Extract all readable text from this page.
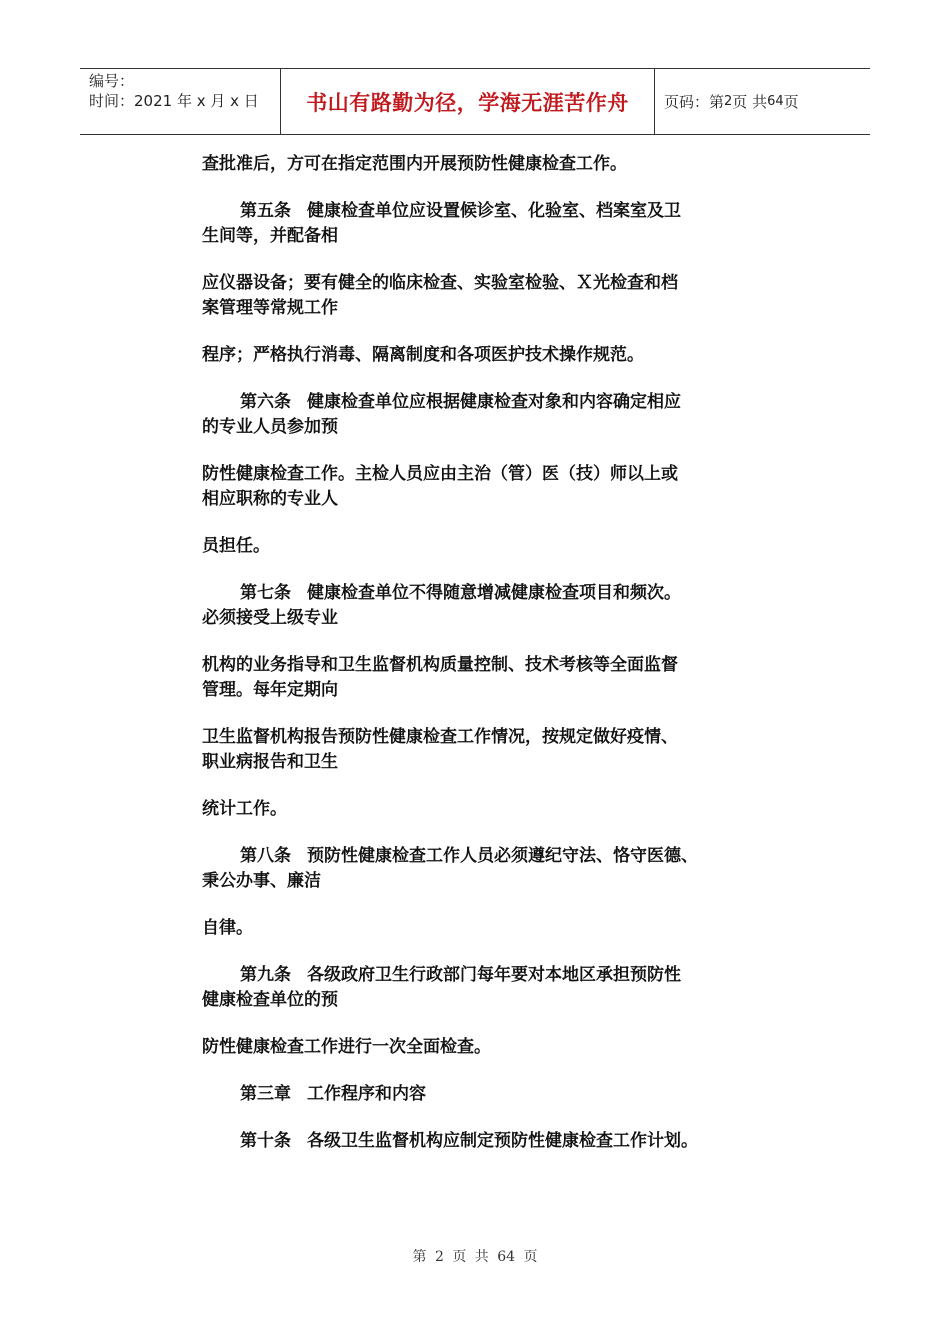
编号：
时间：2021 年 x 月 x 日	书山有路勤为径，学海无涯苦作舟	页码：第 2 页 共 64 页
查批准后，方可在指定范围内开展预防性健康检查工作。
第五条 健康检查单位应设置候诊室、化验室、档案室及卫
生间等，并配备相
应仪器设备；要有健全的临床检查、实验室检验、Ｘ光检查和档
案管理等常规工作
程序；严格执行消毒、隔离制度和各项医护技术操作规范。
第六条 健康检查单位应根据健康检查对象和内容确定相应
的专业人员参加预
防性健康检查工作。主检人员应由主治（管）医（技）师以上或
相应职称的专业人
员担任。
第七条 健康检查单位不得随意增减健康检查项目和频次。
必须接受上级专业
机构的业务指导和卫生监督机构质量控制、技术考核等全面监督
管理。每年定期向
卫生监督机构报告预防性健康检查工作情况，按规定做好疫情、
职业病报告和卫生
统计工作。
第八条 预防性健康检查工作人员必须遵纪守法、恪守医德、
秉公办事、廉洁
自律。
第九条 各级政府卫生行政部门每年要对本地区承担预防性
健康检查单位的预
防性健康检查工作进行一次全面检查。
第三章 工作程序和内容
第十条 各级卫生监督机构应制定预防性健康检查工作计划。
第 2 页 共 64 页
